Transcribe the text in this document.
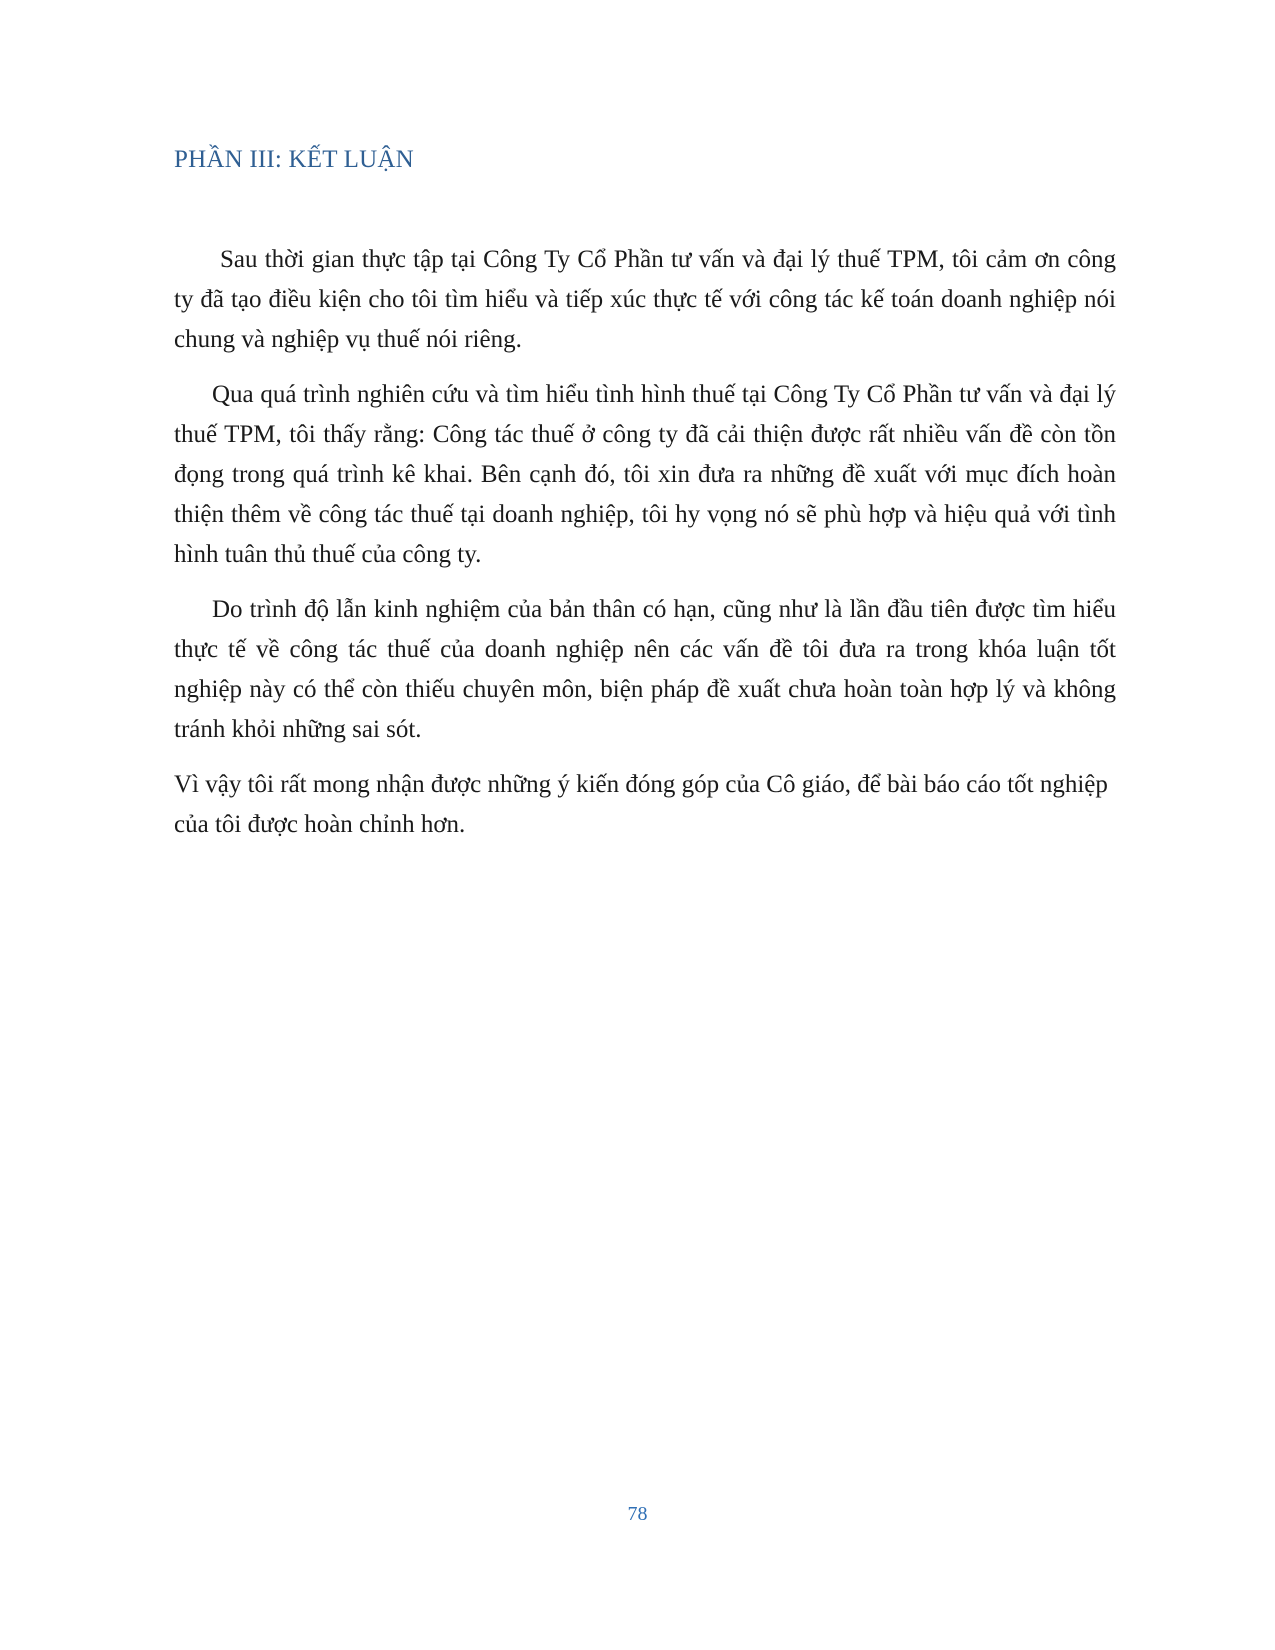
PHẦN III: KẾT LUẬN

Sau thời gian thực tập tại Công Ty Cổ Phần tư vấn và đại lý thuế TPM, tôi cảm ơn công ty đã tạo điều kiện cho tôi tìm hiểu và tiếp xúc thực tế với công tác kế toán doanh nghiệp nói chung và nghiệp vụ thuế nói riêng.

Qua quá trình nghiên cứu và tìm hiểu tình hình thuế tại Công Ty Cổ Phần tư vấn và đại lý thuế TPM, tôi thấy rằng: Công tác thuế ở công ty đã cải thiện được rất nhiều vấn đề còn tồn đọng trong quá trình kê khai. Bên cạnh đó, tôi xin đưa ra những đề xuất với mục đích hoàn thiện thêm về công tác thuế tại doanh nghiệp, tôi hy vọng nó sẽ phù hợp và hiệu quả với tình hình tuân thủ thuế của công ty.

Do trình độ lẫn kinh nghiệm của bản thân có hạn, cũng như là lần đầu tiên được tìm hiểu thực tế về công tác thuế của doanh nghiệp nên các vấn đề tôi đưa ra trong khóa luận tốt nghiệp này có thể còn thiếu chuyên môn, biện pháp đề xuất chưa hoàn toàn hợp lý và không tránh khỏi những sai sót.

Vì vậy tôi rất mong nhận được những ý kiến đóng góp của Cô giáo, để bài báo cáo tốt nghiệp của tôi được hoàn chỉnh hơn.

78
